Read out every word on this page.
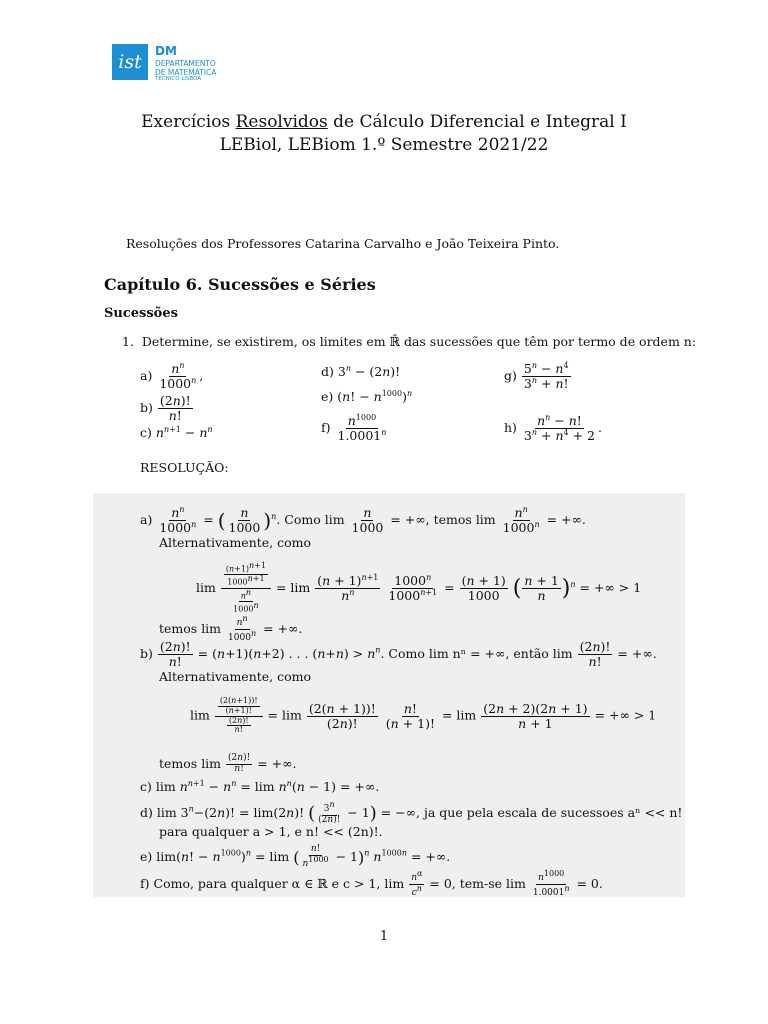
ist	DM
DEPARTAMENTO
DE MATEMÁTICA
TÉCNICO LISBOA
Exercícios Resolvidos de Cálculo Diferencial e Integral I
LEBiol, LEBiom 1.º Semestre 2021/22
Resoluções dos Professores Catarina Carvalho e João Teixeira Pinto.
Capítulo 6. Sucessões e Séries
Sucessões
1. Determine, se existirem, os limites em ℝ̄ das sucessões que têm por termo de ordem n:
$a) \frac{n^n}{1000^n}$ ,
$b) \frac{(2n)!}{n!}$
c) $n^{n+1} - n^n$
d) $3^n - (2n)$!
e) (n! − $n^{1000})^n$
$f) \frac{n^{1000}}{1.0001^n}$
$g) \frac{5^n - n^4}{3^n + n!}$
$h) \frac{n^n - n!}{3^n + n^4 + 2}$ .
RESOLUÇÃO:
$a) \frac{n^n}{1000^n}$ = ( $\frac{n}{1000} )^n$. Como $\lim \frac{n}{1000}$ = +∞, temos $\lim \frac{n^n}{1000^n}$ = +∞.
Alternativamente, como
$\lim \frac{\frac{(n+1)^{n+1}}{1000^{n+1}}}{\frac{n^n}{1000^n}} = \lim \frac{(n + 1)^{n+1}}{n^n}$
$\frac{1000^n}{1000^{n+1}} = \frac{(n + 1)}{1000}$ ( $\frac{n + 1}{n} )^n$ = +∞ > 1
temos $\lim \frac{n^n}{1000^n}$ = +∞.
$b) \frac{(2n)!}{n!} = (n+1)(n+2)$ . . . $(n+n) > n^n$. Como lim nⁿ = +∞, então $\lim \frac{(2n)!}{n!}$ = +∞.
Alternativamente, como
$\lim \frac{\frac{(2(n+1))!}{(n+1)!}}{\frac{(2n)!}{n!}} = \lim \frac{(2(n + 1))!}{(2n)!}$
$\frac{n!}{(n + 1)!} = \lim \frac{(2n + 2)(2n + 1)}{n + 1}$ = +∞ > 1
temos $\lim \frac{(2n)!}{n!}$ = +∞.
c) $\lim n^{n+1} - n^n = \lim n^n(n - 1)$ = +∞.
d) $\lim 3^n-(2n)$! = lim(2n)! ( $\frac{3^n}{(2n)!} - 1$) = −∞, ja que pela escala de sucessoes aⁿ << n!
para qualquer a > 1, e n! << (2n)!.
e) lim(n! − $n^{1000})^n = \lim$ ( $\frac{n!}{n^{1000}} - 1)^n$ $n^{1000n}$ = +∞.
f) Como, para qualquer α ∈ ℝ e c > 1, $\lim \frac{n^\alpha}{c^n} = 0$, tem-se $\lim \frac{n^{1000}}{1.0001^n} = 0$.
1
